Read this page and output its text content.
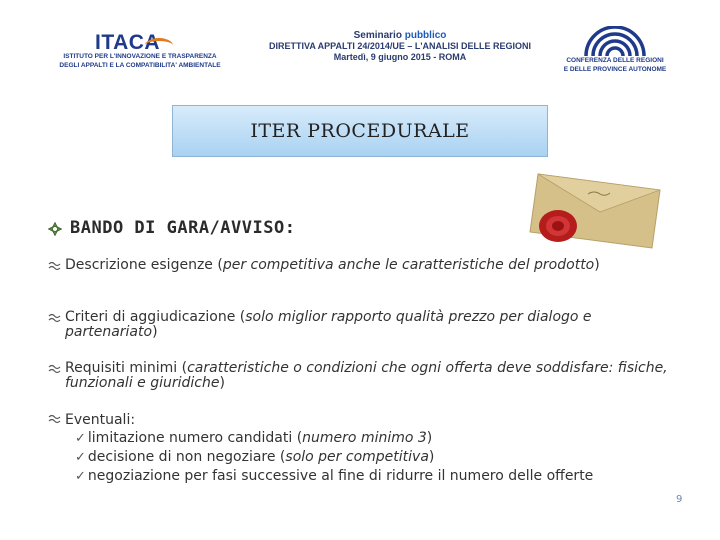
ITACA
ISTITUTO PER L'INNOVAZIONE E TRASPARENZA
DEGLI APPALTI E LA COMPATIBILITA' AMBIENTALE
Seminario pubblico
DIRETTIVA APPALTI 24/2014/UE – L'ANALISI DELLE REGIONI
Martedì, 9 giugno 2015 - ROMA	CONFERENZA DELLE REGIONI
E DELLE PROVINCE AUTONOME
ITER PROCEDURALE
BANDO DI GARA/AVVISO:
Descrizione esigenze (per competitiva anche le caratteristiche del prodotto)
Criteri di aggiudicazione (solo miglior rapporto qualità prezzo per dialogo e partenariato)
Requisiti minimi (caratteristiche o condizioni che ogni offerta deve soddisfare: fisiche, funzionali e giuridiche)
Eventuali:
✓ limitazione numero candidati (numero minimo 3)
✓ decisione di non negoziare (solo per competitiva)
✓ negoziazione per fasi successive al fine di ridurre il numero delle offerte
9
